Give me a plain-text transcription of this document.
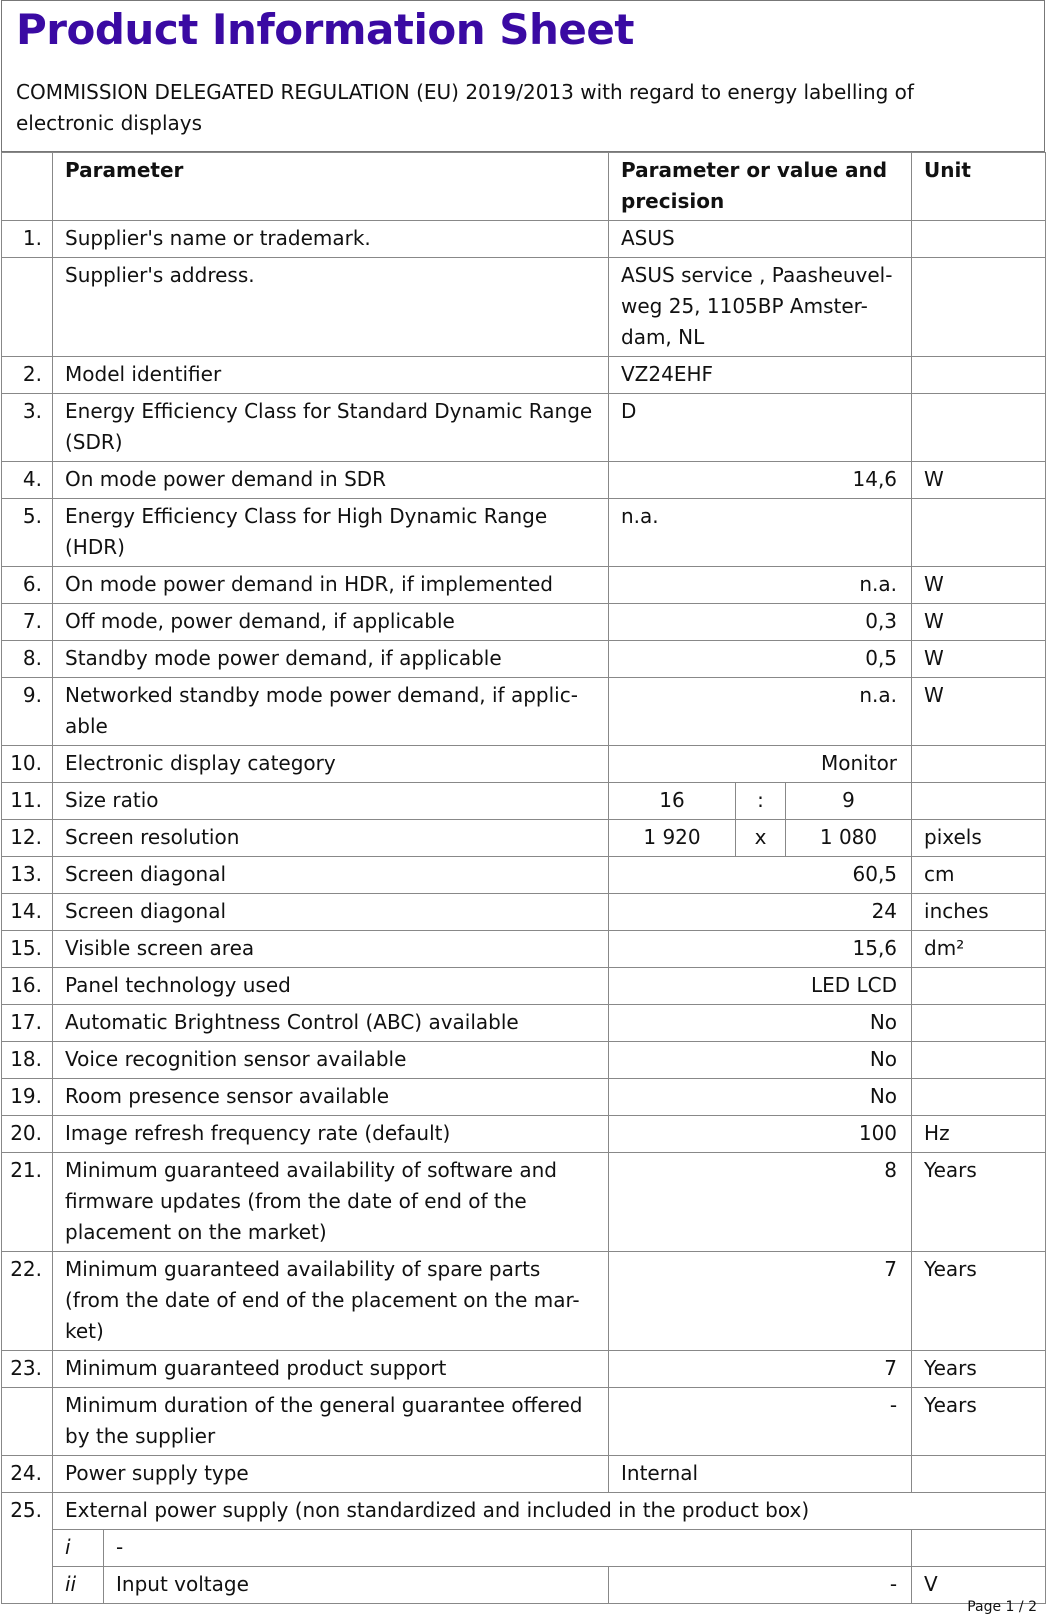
Product Information Sheet
COMMISSION DELEGATED REGULATION (EU) 2019/2013 with regard to energy labelling of electronic displays
	Parameter		Parameter or value and precision			Unit
1.	Supplier's name or trademark.		ASUS			
	Supplier's address.		ASUS service , Paasheuvel-weg 25, 1105BP Amster-dam, NL			
2.	Model identifier		VZ24EHF			
3.	Energy Efficiency Class for Standard Dynamic Range (SDR)		D			
4.	On mode power demand in SDR		14,6			W
5.	Energy Efficiency Class for High Dynamic Range (HDR)		n.a.			
6.	On mode power demand in HDR, if implemented		n.a.			W
7.	Off mode, power demand, if applicable		0,3			W
8.	Standby mode power demand, if applicable		0,5			W
9.	Networked standby mode power demand, if applic-able		n.a.			W
10.	Electronic display category		Monitor			
11.	Size ratio		16	:	9	
12.	Screen resolution		1 920	x	1 080	pixels
13.	Screen diagonal		60,5			cm
14.	Screen diagonal		24			inches
15.	Visible screen area		15,6			dm²
16.	Panel technology used		LED LCD			
17.	Automatic Brightness Control (ABC) available		No			
18.	Voice recognition sensor available		No			
19.	Room presence sensor available		No			
20.	Image refresh frequency rate (default)		100			Hz
21.	Minimum guaranteed availability of software and firmware updates (from the date of end of the placement on the market)		8			Years
22.	Minimum guaranteed availability of spare parts (from the date of end of the placement on the mar-ket)		7			Years
23.	Minimum guaranteed product support		7			Years
	Minimum duration of the general guarantee offered by the supplier		-			Years
24.	Power supply type		Internal			
25.	External power supply (non standardized and included in the product box)					
	i	-				
	ii	Input voltage	-			V
Page 1 / 2
